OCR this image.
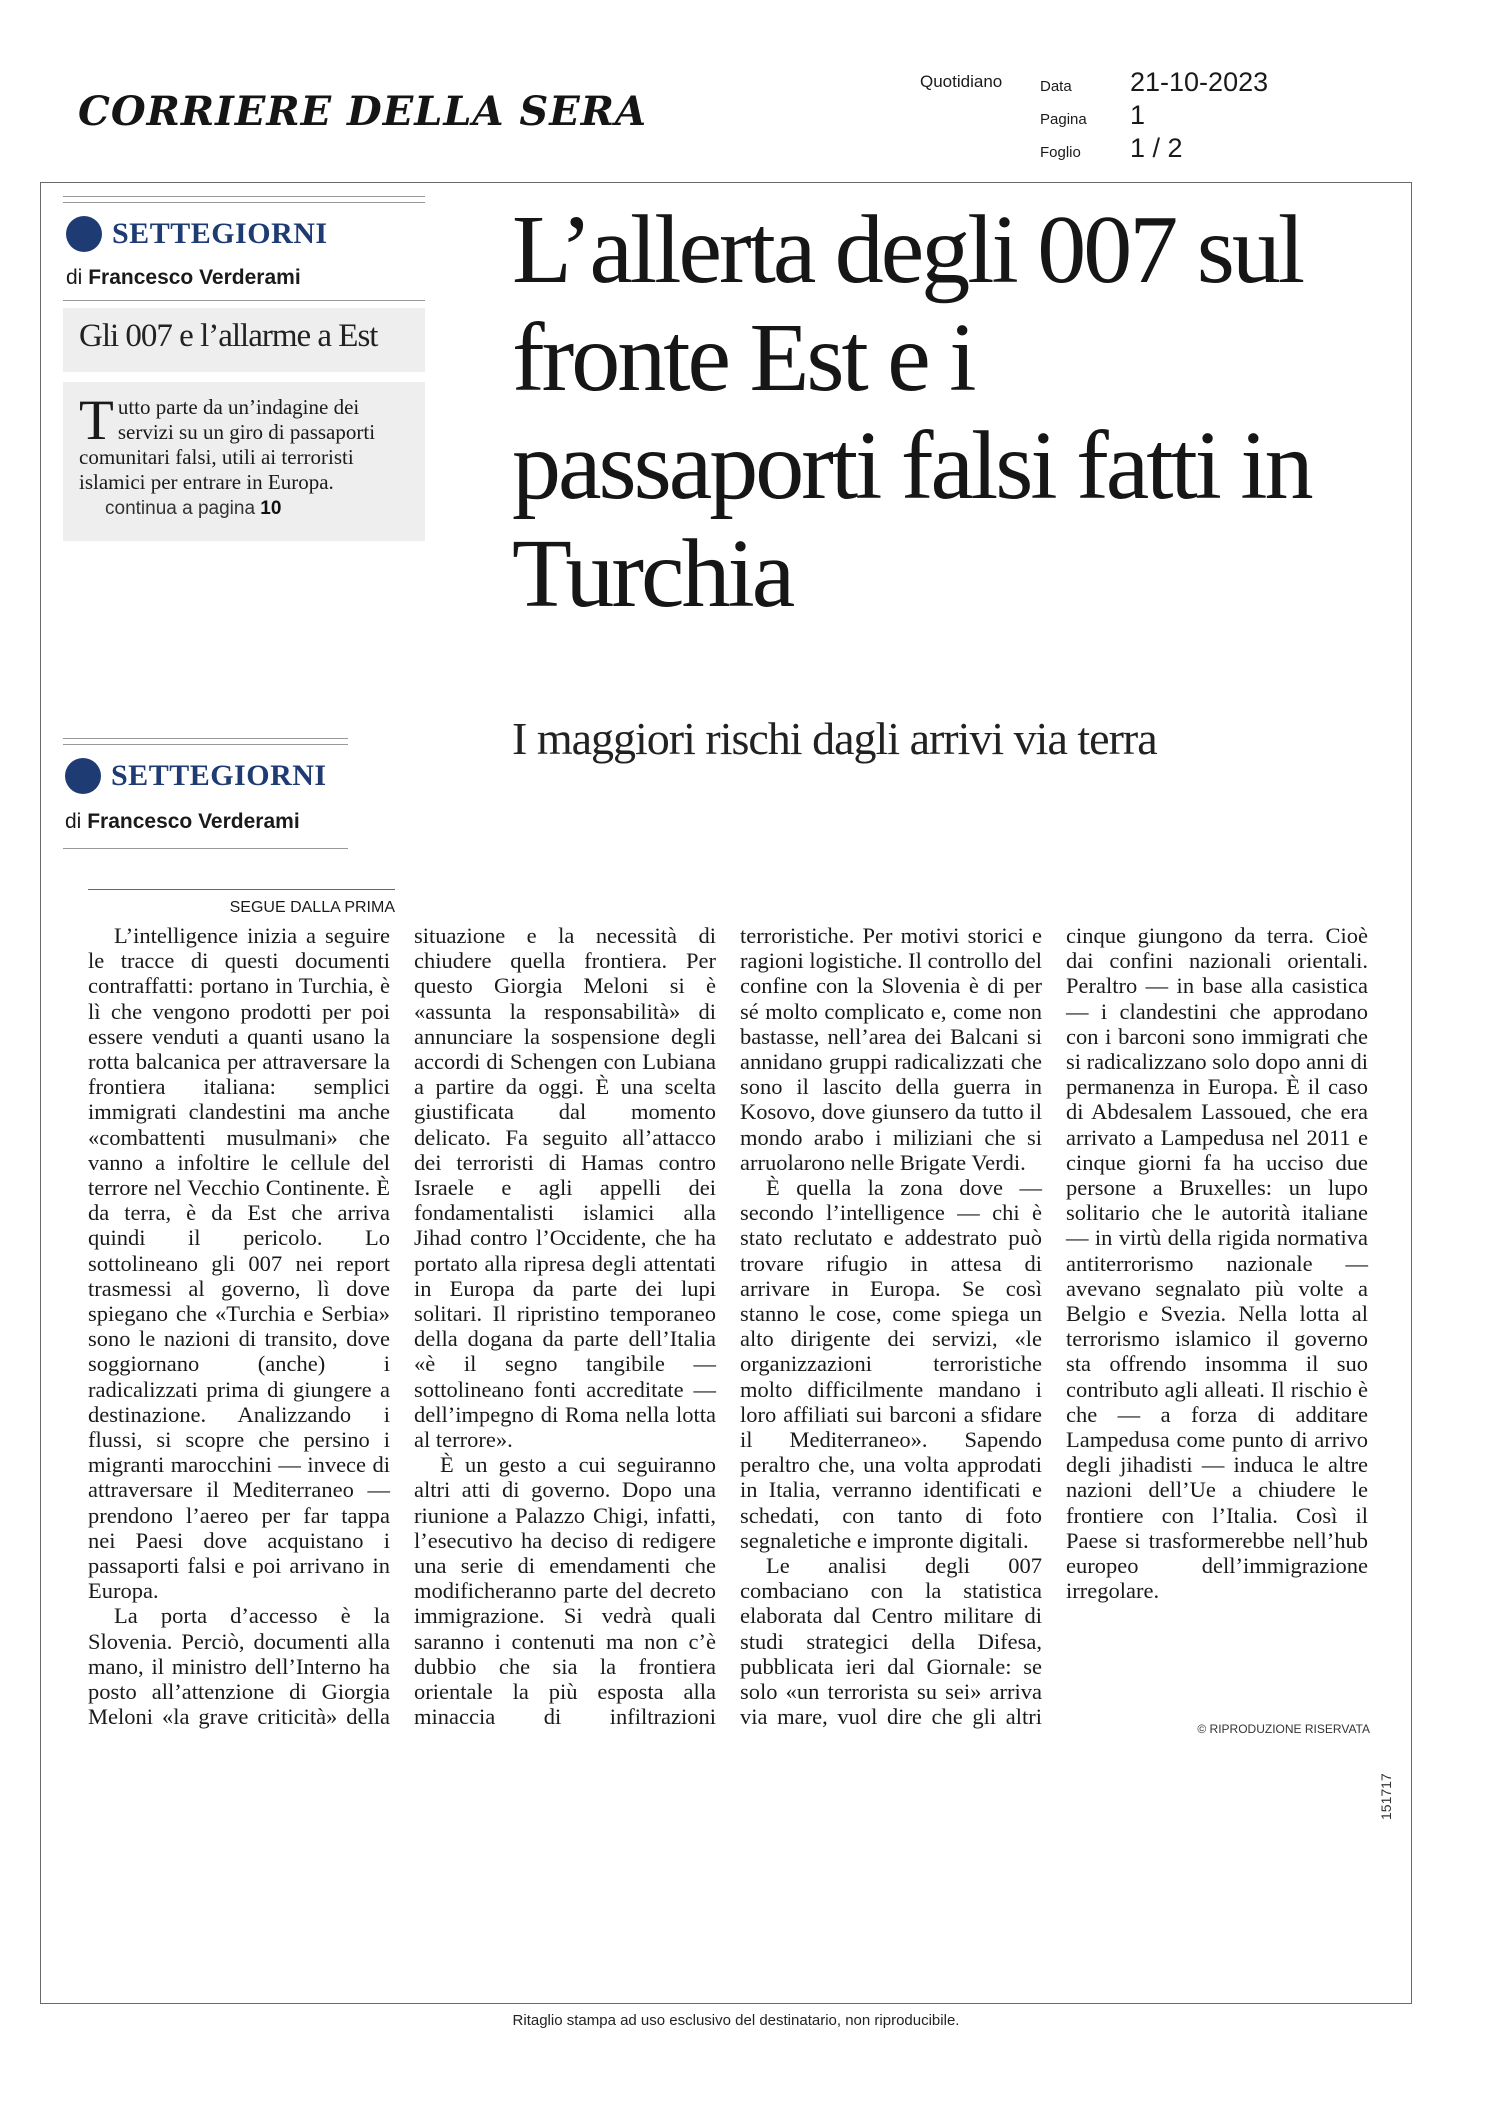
CORRIERE DELLA SERA
Quotidiano	Data	21-10-2023
Pagina	1
Foglio	1 / 2
SETTEGIORNI
di Francesco Verderami
Gli 007 e l’allarme a Est
Tutto parte da un’indagine dei servizi su un giro di passaporti comunitari falsi, utili ai terroristi islamici per entrare in Europa. continua a pagina 10
L’allerta degli 007 sul fronte Est e i passaporti falsi fatti in Turchia
I maggiori rischi dagli arrivi via terra
SETTEGIORNI
di Francesco Verderami
SEGUE DALLA PRIMA

L’intelligence inizia a seguire le tracce di questi documenti contraffatti: portano in Turchia, è lì che vengono prodotti per poi essere venduti a quanti usano la rotta balcanica per attraversare la frontiera italiana: semplici immigrati clandestini ma anche «combattenti musulmani» che vanno a infoltire le cellule del terrore nel Vecchio Continente. È da terra, è da Est che arriva quindi il pericolo. Lo sottolineano gli 007 nei report trasmessi al governo, lì dove spiegano che «Turchia e Serbia» sono le nazioni di transito, dove soggiornano (anche) i radicalizzati prima di giungere a destinazione. Analizzando i flussi, si scopre che persino i migranti marocchini — invece di attraversare il Mediterraneo — prendono l’aereo per far tappa nei Paesi dove acquistano i passaporti falsi e poi arrivano in Europa.

La porta d’accesso è la Slovenia. Perciò, documenti alla mano, il ministro dell’Interno ha posto all’attenzione di Giorgia Meloni «la grave criticità» della situazione e la necessità di chiudere quella frontiera. Per questo Giorgia Meloni si è «assunta la responsabilità» di annunciare la sospensione degli accordi di Schengen con Lubiana a partire da oggi. È una scelta giustificata dal momento delicato. Fa seguito all’attacco dei terroristi di Hamas contro Israele e agli appelli dei fondamentalisti islamici alla Jihad contro l’Occidente, che ha portato alla ripresa degli attentati in Europa da parte dei lupi solitari. Il ripristino temporaneo della dogana da parte dell’Italia «è il segno tangibile — sottolineano fonti accreditate — dell’impegno di Roma nella lotta al terrore».

È un gesto a cui seguiranno altri atti di governo. Dopo una riunione a Palazzo Chigi, infatti, l’esecutivo ha deciso di redigere una serie di emendamenti che modificheranno parte del decreto immigrazione. Si vedrà quali saranno i contenuti ma non c’è dubbio che sia la frontiera orientale la più esposta alla minaccia di infiltrazioni terroristiche. Per motivi storici e ragioni logistiche. Il controllo del confine con la Slovenia è di per sé molto complicato e, come non bastasse, nell’area dei Balcani si annidano gruppi radicalizzati che sono il lascito della guerra in Kosovo, dove giunsero da tutto il mondo arabo i miliziani che si arruolarono nelle Brigate Verdi.

È quella la zona dove — secondo l’intelligence — chi è stato reclutato e addestrato può trovare rifugio in attesa di arrivare in Europa. Se così stanno le cose, come spiega un alto dirigente dei servizi, «le organizzazioni terroristiche molto difficilmente mandano i loro affiliati sui barconi a sfidare il Mediterraneo». Sapendo peraltro che, una volta approdati in Italia, verranno identificati e schedati, con tanto di foto segnaletiche e impronte digitali.

Le analisi degli 007 combaciano con la statistica elaborata dal Centro militare di studi strategici della Difesa, pubblicata ieri dal Giornale: se solo «un terrorista su sei» arriva via mare, vuol dire che gli altri cinque giungono da terra. Cioè dai confini nazionali orientali. Peraltro — in base alla casistica — i clandestini che approdano con i barconi sono immigrati che si radicalizzano solo dopo anni di permanenza in Europa. È il caso di Abdesalem Lassoued, che era arrivato a Lampedusa nel 2011 e cinque giorni fa ha ucciso due persone a Bruxelles: un lupo solitario che le autorità italiane — in virtù della rigida normativa antiterrorismo nazionale — avevano segnalato più volte a Belgio e Svezia. Nella lotta al terrorismo islamico il governo sta offrendo insomma il suo contributo agli alleati. Il rischio è che — a forza di additare Lampedusa come punto di arrivo degli jihadisti — induca le altre nazioni dell’Ue a chiudere le frontiere con l’Italia. Così il Paese si trasformerebbe nell’hub europeo dell’immigrazione irregolare.

© RIPRODUZIONE RISERVATA
151717
Ritaglio stampa ad uso esclusivo del destinatario, non riproducibile.
